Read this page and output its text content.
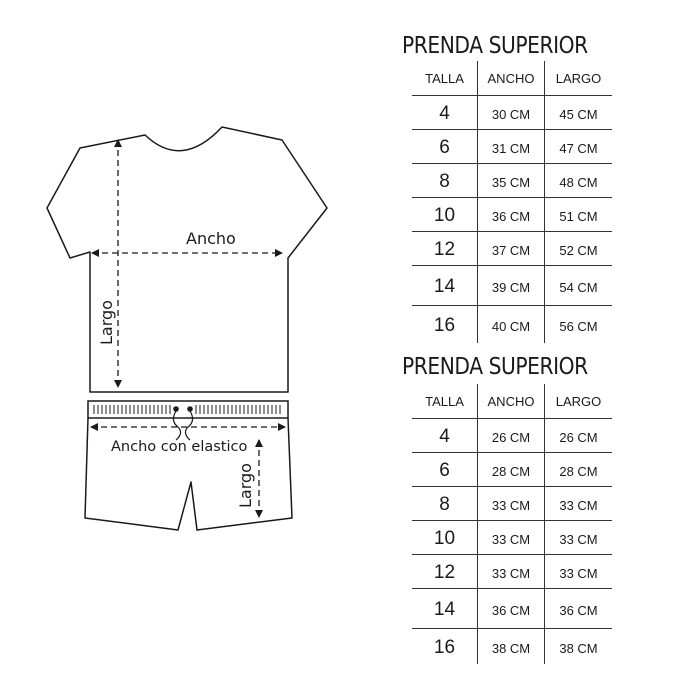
Ancho
Largo
Ancho con elastico
Largo
PRENDA SUPERIOR
TALLA	ANCHO	LARGO
4	30 CM	45 CM
6	31 CM	47 CM
8	35 CM	48 CM
10	36 CM	51 CM
12	37 CM	52 CM
14	39 CM	54 CM
16	40 CM	56 CM
PRENDA SUPERIOR
TALLA	ANCHO	LARGO
4	26 CM	26 CM
6	28 CM	28 CM
8	33 CM	33 CM
10	33 CM	33 CM
12	33 CM	33 CM
14	36 CM	36 CM
16	38 CM	38 CM
